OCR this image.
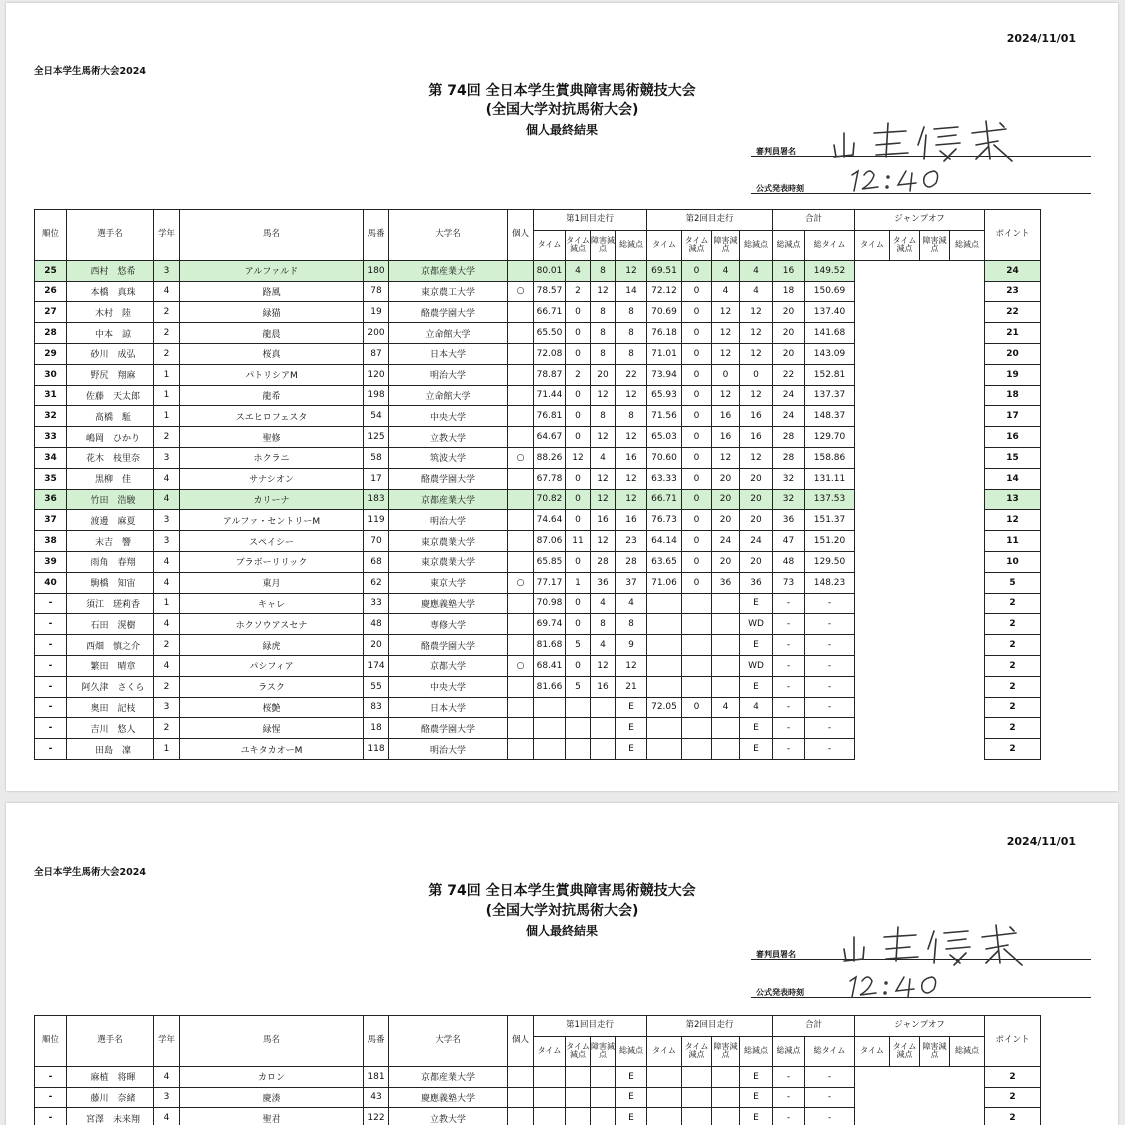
2024/11/01
全日本学生馬術大会2024
第 74回 全日本学生賞典障害馬術競技大会
(全国大学対抗馬術大会)
個人最終結果
審判員署名
公式発表時刻
順位	選手名	学年	馬名	馬番	大学名	個人	第1回目走行				第2回目走行				合計		ジャンプオフ				ポイント
							タイム	タイム減点	障害減点	総減点	タイム	タイム減点	障害減点	総減点	総減点	総タイム	タイム	タイム減点	障害減点	総減点	
25	西村　悠希	3	アルファルド	180	京都産業大学		80.01	4	8	12	69.51	0	4	4	16	149.52					24
26	本橋　真珠	4	路風	78	東京農工大学	○	78.57	2	12	14	72.12	0	4	4	18	150.69					23
27	木村　陸	2	緑猫	19	酪農学園大学		66.71	0	8	8	70.69	0	12	12	20	137.40					22
28	中本　諒	2	龍晨	200	立命館大学		65.50	0	8	8	76.18	0	12	12	20	141.68					21
29	砂川　成弘	2	桜真	87	日本大学		72.08	0	8	8	71.01	0	12	12	20	143.09					20
30	野尻　翔麻	1	パトリシアM	120	明治大学		78.87	2	20	22	73.94	0	0	0	22	152.81					19
31	佐藤　天太郎	1	龍希	198	立命館大学		71.44	0	12	12	65.93	0	12	12	24	137.37					18
32	髙橋　駈	1	スエヒロフェスタ	54	中央大学		76.81	0	8	8	71.56	0	16	16	24	148.37					17
33	嶋岡　ひかり	2	聖修	125	立教大学		64.67	0	12	12	65.03	0	16	16	28	129.70					16
34	花木　枝里奈	3	ホクラニ	58	筑波大学	○	88.26	12	4	16	70.60	0	12	12	28	158.86					15
35	黒柳　佳	4	サナシオン	17	酪農学園大学		67.78	0	12	12	63.33	0	20	20	32	131.11					14
36	竹田　浩駿	4	カリーナ	183	京都産業大学		70.82	0	12	12	66.71	0	20	20	32	137.53					13
37	渡邊　麻夏	3	アルファ・セントリーM	119	明治大学		74.64	0	16	16	76.73	0	20	20	36	151.37					12
38	末吉　響	3	スペイシー	70	東京農業大学		87.06	11	12	23	64.14	0	24	24	47	151.20					11
39	雨角　春翔	4	ブラボーリリック	68	東京農業大学		65.85	0	28	28	63.65	0	20	20	48	129.50					10
40	駒橋　知宙	4	東月	62	東京大学	○	77.17	1	36	37	71.06	0	36	36	73	148.23					5
-	須江　瑳莉香	1	キャレ	33	慶應義塾大学		70.98	0	4	4				E	-	-					2
-	石田　滉樹	4	ホクソウアスセナ	48	専修大学		69.74	0	8	8				WD	-	-					2
-	西畑　慎之介	2	緑虎	20	酪農学園大学		81.68	5	4	9				E	-	-					2
-	繁田　晴章	4	パシフィア	174	京都大学	○	68.41	0	12	12				WD	-	-					2
-	阿久津　さくら	2	ラスク	55	中央大学		81.66	5	16	21				E	-	-					2
-	奥田　記枝	3	桜艶	83	日本大学					E	72.05	0	4	4	-	-					2
-	吉川　悠人	2	緑惺	18	酪農学園大学					E				E	-	-					2
-	田島　凜	1	ユキタカオーM	118	明治大学					E				E	-	-					2
2024/11/01
全日本学生馬術大会2024
第 74回 全日本学生賞典障害馬術競技大会
(全国大学対抗馬術大会)
個人最終結果
審判員署名
公式発表時刻
順位	選手名	学年	馬名	馬番	大学名	個人	第1回目走行				第2回目走行				合計		ジャンプオフ				ポイント
							タイム	タイム減点	障害減点	総減点	タイム	タイム減点	障害減点	総減点	総減点	総タイム	タイム	タイム減点	障害減点	総減点	
-	麻植　将暉	4	カロン	181	京都産業大学					E				E	-	-					2
-	藤川　奈緒	3	慶湊	43	慶應義塾大学					E				E	-	-					2
-	宮澤　未来翔	4	聖君	122	立教大学					E				E	-	-					2
